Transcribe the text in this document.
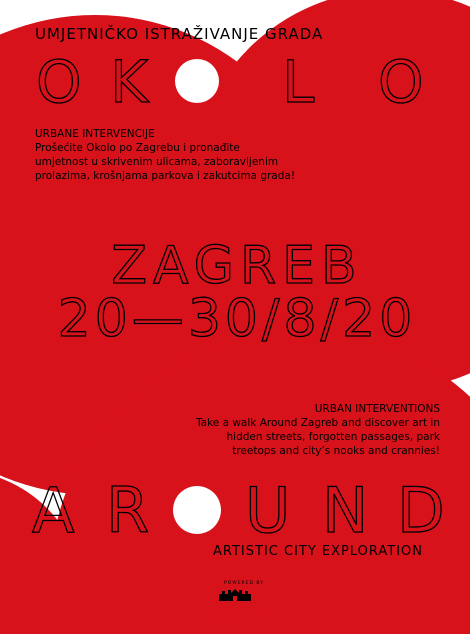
UMJETNIČKO ISTRAŽIVANJE GRADA
O K L O
ZAGREB
20—30/8/20
A R U N D
URBANE INTERVENCIJE
Prošećite Okolo po Zagrebu i pronađite
umjetnost u skrivenim ulicama, zaboravljenim
prolazima, krošnjama parkova i zakutcima grada!
URBAN INTERVENTIONS
Take a walk Around Zagreb and discover art in
hidden streets, forgotten passages, park
treetops and city’s nooks and crannies!
ARTISTIC CITY EXPLORATION
POWERED BY
Zagreb
